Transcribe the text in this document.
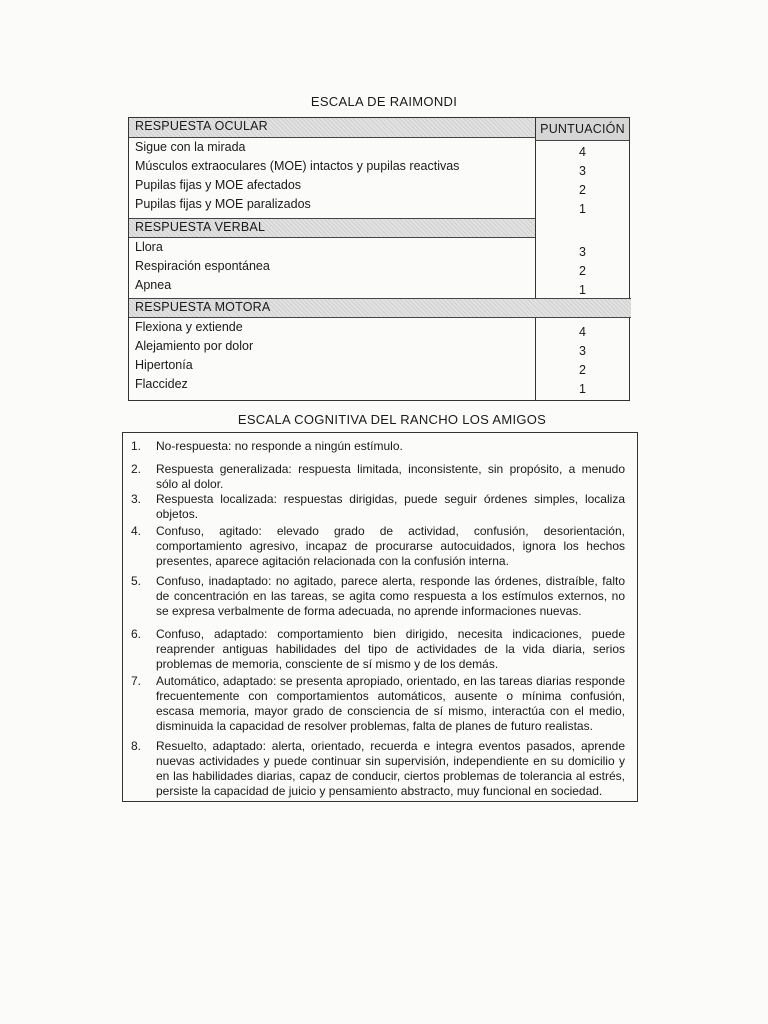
ESCALA DE RAIMONDI
PUNTUACIÓN
RESPUESTA OCULAR
Sigue con la mirada	4
Músculos extraoculares (MOE) intactos y pupilas reactivas	3
Pupilas fijas y MOE afectados	2
Pupilas fijas y MOE paralizados	1
RESPUESTA VERBAL
Llora	3
Respiración espontánea	2
Apnea	1
RESPUESTA MOTORA
Flexiona y extiende	4
Alejamiento por dolor	3
Hipertonía	2
Flaccidez	1
ESCALA COGNITIVA DEL RANCHO LOS AMIGOS
1. No-respuesta: no responde a ningún estímulo.
2. Respuesta generalizada: respuesta limitada, inconsistente, sin propósito, a menudo sólo al dolor.
3. Respuesta localizada: respuestas dirigidas, puede seguir órdenes simples, localiza objetos.
4. Confuso, agitado: elevado grado de actividad, confusión, desorientación, comportamiento agresivo, incapaz de procurarse autocuidados, ignora los hechos presentes, aparece agitación relacionada con la confusión interna.
5. Confuso, inadaptado: no agitado, parece alerta, responde las órdenes, distraíble, falto de concentración en las tareas, se agita como respuesta a los estímulos externos, no se expresa verbalmente de forma adecuada, no aprende informaciones nuevas.
6. Confuso, adaptado: comportamiento bien dirigido, necesita indicaciones, puede reaprender antiguas habilidades del tipo de actividades de la vida diaria, serios problemas de memoria, consciente de sí mismo y de los demás.
7. Automático, adaptado: se presenta apropiado, orientado, en las tareas diarias responde frecuentemente con comportamientos automáticos, ausente o mínima confusión, escasa memoria, mayor grado de consciencia de sí mismo, interactúa con el medio, disminuida la capacidad de resolver problemas, falta de planes de futuro realistas.
8. Resuelto, adaptado: alerta, orientado, recuerda e integra eventos pasados, aprende nuevas actividades y puede continuar sin supervisión, independiente en su domicilio y en las habilidades diarias, capaz de conducir, ciertos problemas de tolerancia al estrés, persiste la capacidad de juicio y pensamiento abstracto, muy funcional en sociedad.
